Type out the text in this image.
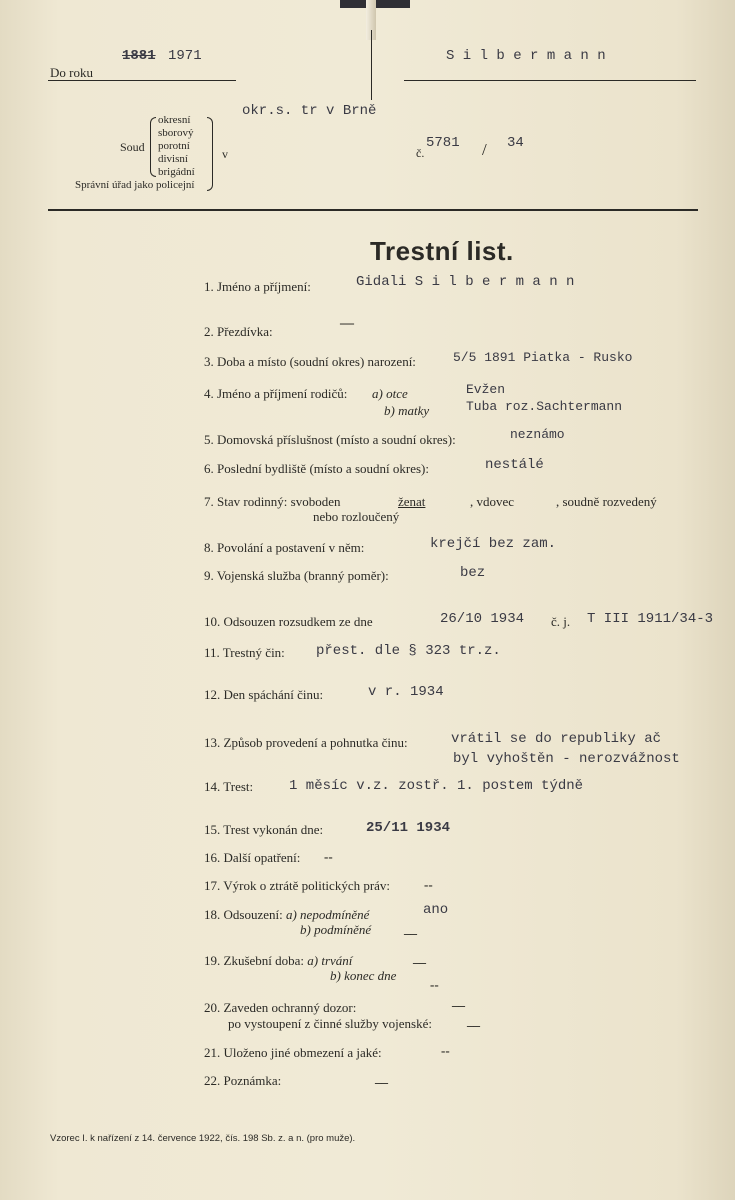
Do roku
1881 1971	S i l b e r m a n n
Soud
okresní
sborový
porotní
divisní
brigádní
Správní úřad jako policejní
v
okr.s. tr v Brně
č.
5781 / 34
Trestní list.
1. Jméno a příjmení:	Gidali S i l b e r m a n n
2. Přezdívka:
—
3. Doba a místo (soudní okres) narození:	5/5 1891 Piatka - Rusko
4. Jméno a příjmení rodičů: a) otce	Evžen
b) matky	Tuba roz.Sachtermann
5. Domovská příslušnost (místo a soudní okres):	neznámo
6. Poslední bydliště (místo a soudní okres):	nestálé
7. Stav rodinný: svoboden	ženat	, vdovec	, soudně rozvedený
nebo rozloučený
8. Povolání a postavení v něm:	krejčí bez zam.
9. Vojenská služba (branný poměr):	bez
10. Odsouzen rozsudkem ze dne	26/10 1934 č. j. T III 1911/34-3
11. Trestný čin: přest. dle § 323 tr.z.
12. Den spáchání činu:	v r. 1934
13. Způsob provedení a pohnutka činu:	vrátil se do republiky ač
byl vyhoštěn - nerozvážnost
14. Trest:	1 měsíc v.z. zostř. 1. postem týdně
15. Trest vykonán dne:	25/11 1934
16. Další opatření: --
17. Výrok o ztrátě politických práv:	--
18. Odsouzení: a) nepodmíněné	ano
b) podmíněné	__
19. Zkušební doba: a) trvání	__
b) konec dne
--
20. Zaveden ochranný dozor:	__
po vystoupení z činné služby vojenské:	__
21. Uloženo jiné obmezení a jaké:	--
22. Poznámka:	__
Vzorec I. k nařízení z 14. července 1922, čís. 198 Sb. z. a n. (pro muže).
